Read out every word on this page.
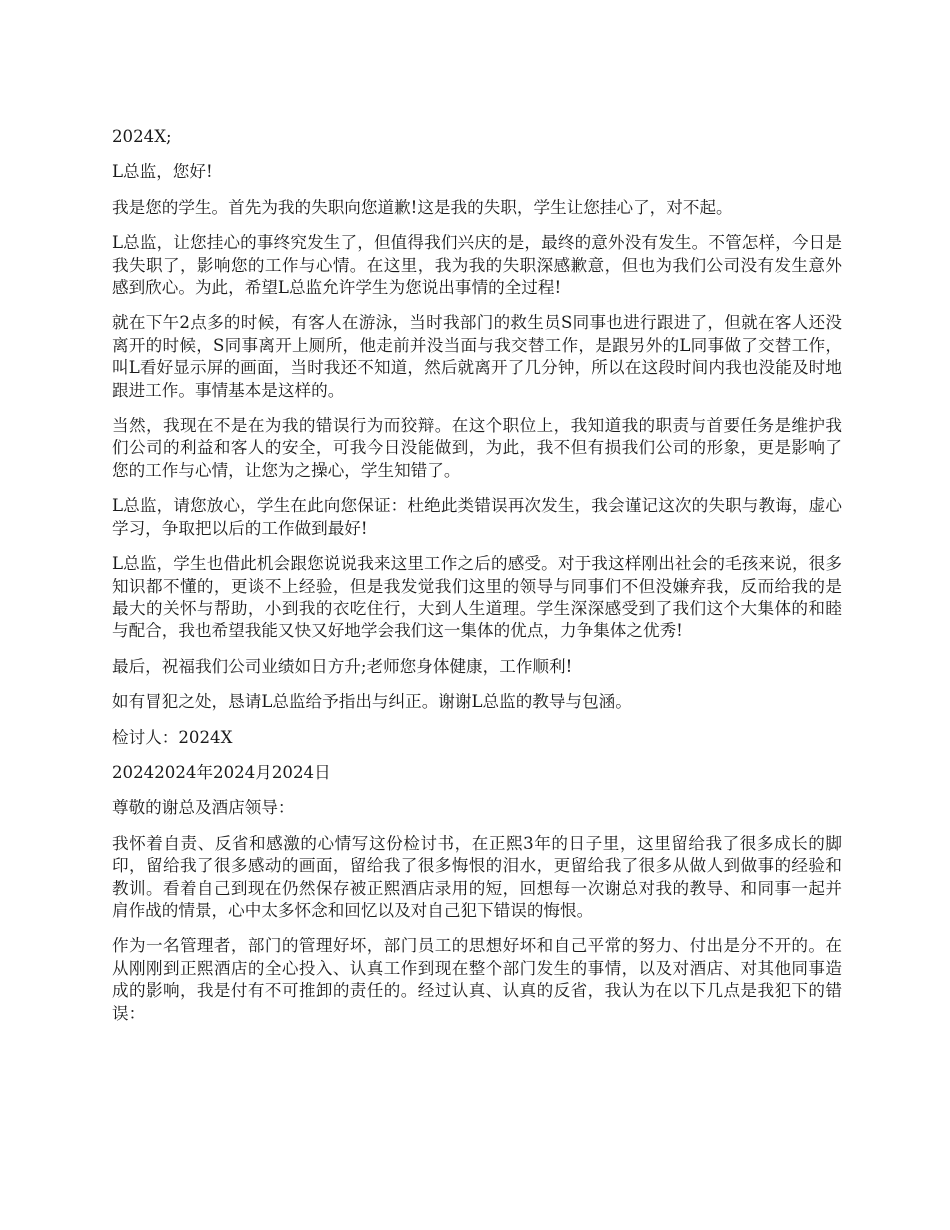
2024X;

L总监，您好!

我是您的学生。首先为我的失职向您道歉!这是我的失职，学生让您挂心了，对不起。

L总监，让您挂心的事终究发生了，但值得我们兴庆的是，最终的意外没有发生。不管怎样，今日是我失职了，影响您的工作与心情。在这里，我为我的失职深感歉意，但也为我们公司没有发生意外感到欣心。为此，希望L总监允许学生为您说出事情的全过程!

就在下午2点多的时候，有客人在游泳，当时我部门的救生员S同事也进行跟进了，但就在客人还没离开的时候，S同事离开上厕所，他走前并没当面与我交替工作，是跟另外的L同事做了交替工作，叫L看好显示屏的画面，当时我还不知道，然后就离开了几分钟，所以在这段时间内我也没能及时地跟进工作。事情基本是这样的。

当然，我现在不是在为我的错误行为而狡辩。在这个职位上，我知道我的职责与首要任务是维护我们公司的利益和客人的安全，可我今日没能做到，为此，我不但有损我们公司的形象，更是影响了您的工作与心情，让您为之操心，学生知错了。

L总监，请您放心，学生在此向您保证：杜绝此类错误再次发生，我会谨记这次的失职与教诲，虚心学习，争取把以后的工作做到最好!

L总监，学生也借此机会跟您说说我来这里工作之后的感受。对于我这样刚出社会的毛孩来说，很多知识都不懂的，更谈不上经验，但是我发觉我们这里的领导与同事们不但没嫌弃我，反而给我的是最大的关怀与帮助，小到我的衣吃住行，大到人生道理。学生深深感受到了我们这个大集体的和睦与配合，我也希望我能又快又好地学会我们这一集体的优点，力争集体之优秀!

最后，祝福我们公司业绩如日方升;老师您身体健康，工作顺利!

如有冒犯之处，恳请L总监给予指出与纠正。谢谢L总监的教导与包涵。

检讨人：2024X

20242024年2024月2024日

尊敬的谢总及酒店领导：

我怀着自责、反省和感激的心情写这份检讨书，在正熙3年的日子里，这里留给我了很多成长的脚印，留给我了很多感动的画面，留给我了很多悔恨的泪水，更留给我了很多从做人到做事的经验和教训。看着自己到现在仍然保存被正熙酒店录用的短，回想每一次谢总对我的教导、和同事一起并肩作战的情景，心中太多怀念和回忆以及对自己犯下错误的悔恨。

作为一名管理者，部门的管理好坏，部门员工的思想好坏和自己平常的努力、付出是分不开的。在从刚刚到正熙酒店的全心投入、认真工作到现在整个部门发生的事情，以及对酒店、对其他同事造成的影响，我是付有不可推卸的责任的。经过认真、认真的反省，我认为在以下几点是我犯下的错误：
